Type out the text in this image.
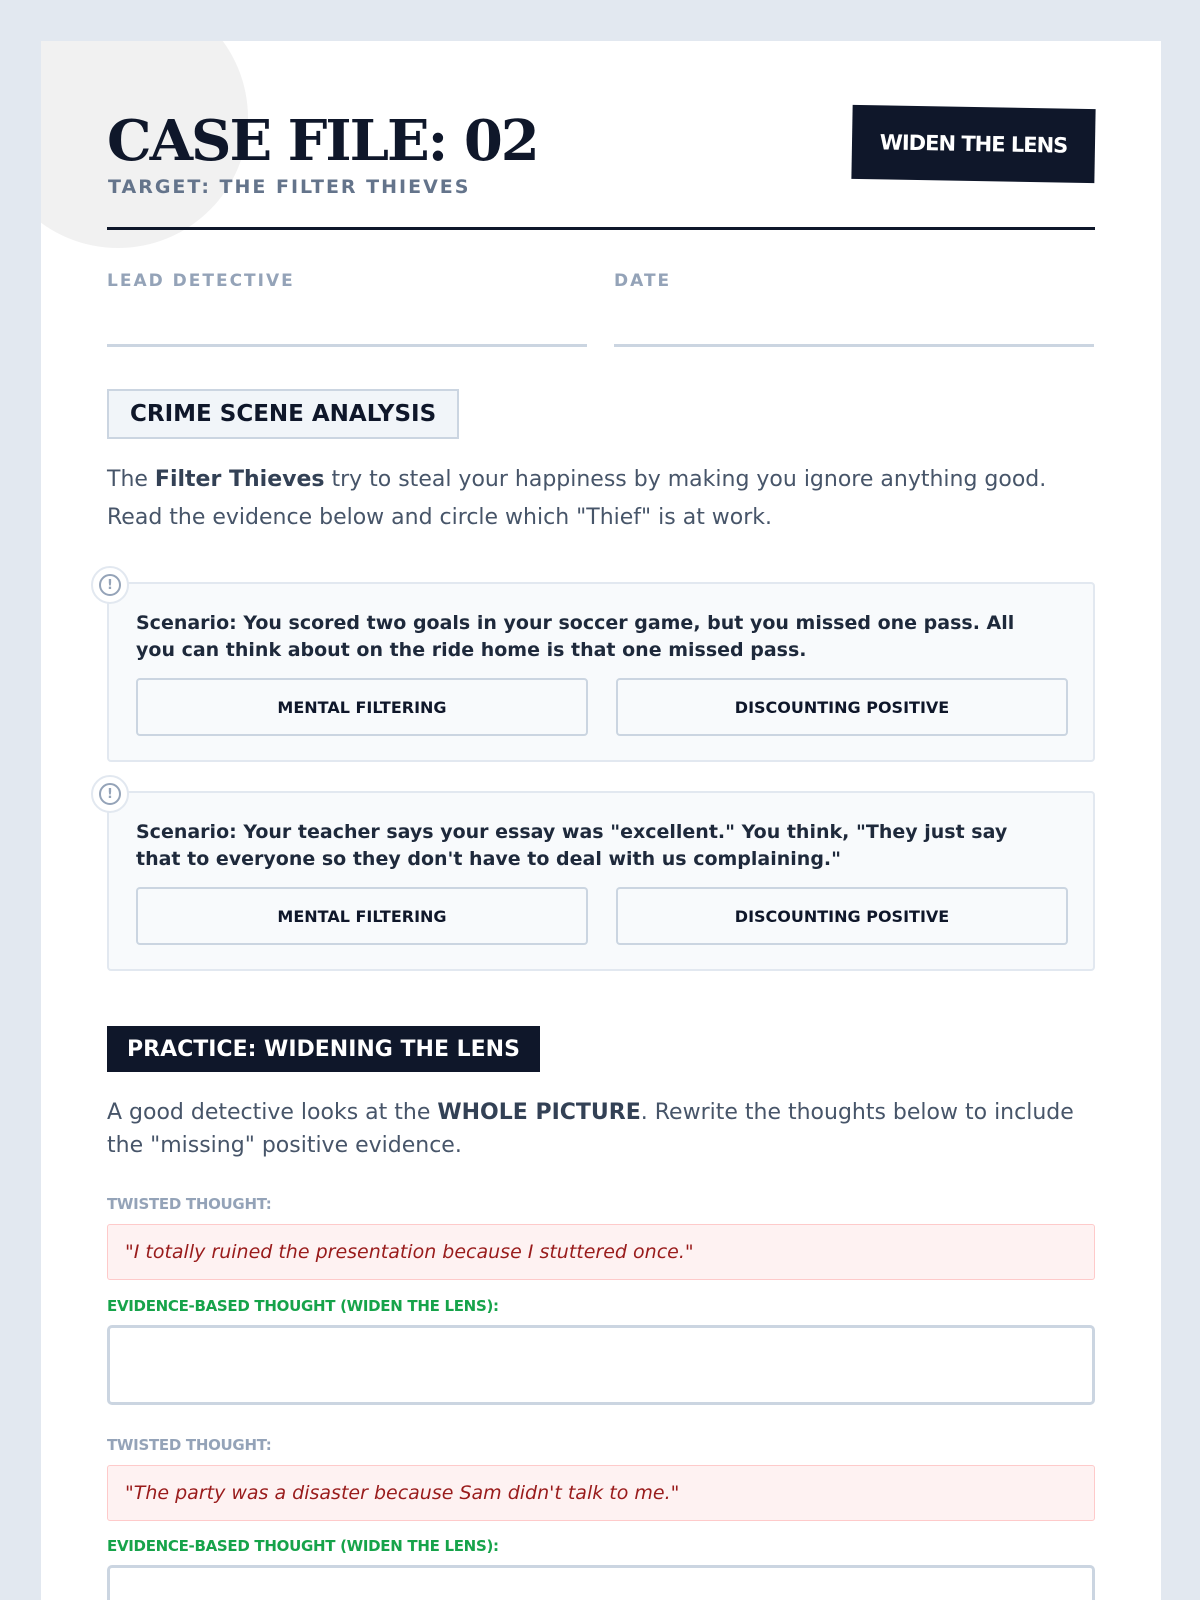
CASE FILE: 02
TARGET: THE FILTER THIEVES
WIDEN THE LENS
LEAD DETECTIVE	DATE
CRIME SCENE ANALYSIS

The Filter Thieves try to steal your happiness by making you ignore anything good. Read the evidence below and circle which "Thief" is at work.

!
Scenario: You scored two goals in your soccer game, but you missed one pass. All you can think about on the ride home is that one missed pass.
MENTAL FILTERING	DISCOUNTING POSITIVE
!
Scenario: Your teacher says your essay was "excellent." You think, "They just say that to everyone so they don't have to deal with us complaining."
MENTAL FILTERING	DISCOUNTING POSITIVE
PRACTICE: WIDENING THE LENS

A good detective looks at the WHOLE PICTURE. Rewrite the thoughts below to include the "missing" positive evidence.

TWISTED THOUGHT:
"I totally ruined the presentation because I stuttered once."
EVIDENCE-BASED THOUGHT (WIDEN THE LENS):
TWISTED THOUGHT:
"The party was a disaster because Sam didn't talk to me."
EVIDENCE-BASED THOUGHT (WIDEN THE LENS):
